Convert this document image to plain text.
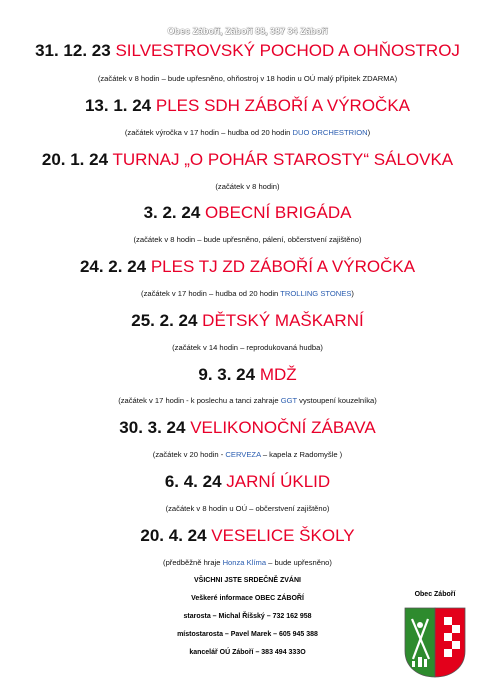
Obec Záboří, Záboří 88, 387 34 Záboří
31. 12. 23 SILVESTROVSKÝ POCHOD A OHŇOSTROJ
(začátek v 8 hodin – bude upřesněno, ohňostroj v 18 hodin u OÚ malý přípitek ZDARMA)
13. 1. 24 PLES SDH ZÁBOŘÍ A VÝROČKA
(začátek výročka v 17 hodin – hudba od 20 hodin DUO ORCHESTRION)
20. 1. 24 TURNAJ „O POHÁR STAROSTY“ SÁLOVKA
(začátek v 8 hodin)
3. 2. 24 OBECNÍ BRIGÁDA
(začátek v 8 hodin – bude upřesněno, pálení, občerstvení zajištěno)
24. 2. 24 PLES TJ ZD ZÁBOŘÍ A VÝROČKA
(začátek v 17 hodin – hudba od 20 hodin TROLLING STONES)
25. 2. 24 DĚTSKÝ MAŠKARNÍ
(začátek v 14 hodin – reprodukovaná hudba)
9. 3. 24 MDŽ
(začátek v 17 hodin - k poslechu a tanci zahraje GGT vystoupení kouzelníka)
30. 3. 24 VELIKONOČNÍ ZÁBAVA
(začátek v 20 hodin - CERVEZA – kapela z Radomyšle )
6. 4. 24 JARNÍ ÚKLID
(začátek v 8 hodin u OÚ – občerstvení zajištěno)
20. 4. 24 VESELICE ŠKOLY
(předběžně hraje Honza Klíma – bude upřesněno)
VŠICHNI JSTE SRDEČNĚ ZVÁNI
Veškeré informace OBEC ZÁBOŘÍ
starosta – Michal Říšský – 732 162 958
místostarosta – Pavel Marek – 605 945 388
kancelář OÚ Záboří – 383 494 333O
Obec Záboří
